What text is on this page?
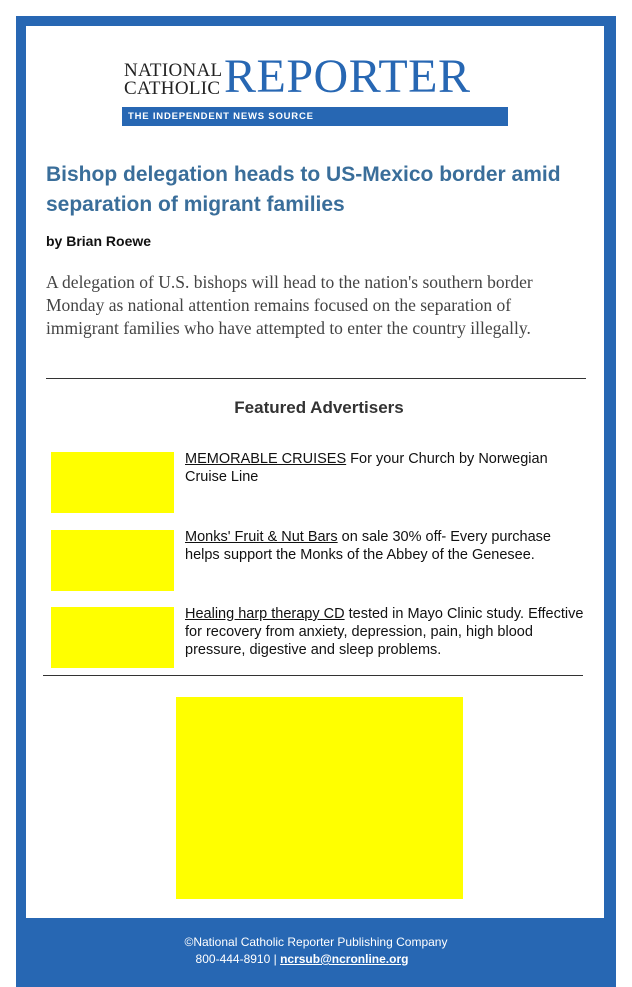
NATIONAL
CATHOLIC REPORTER
THE INDEPENDENT NEWS SOURCE
Bishop delegation heads to US-Mexico border amid separation of migrant families
by Brian Roewe

A delegation of U.S. bishops will head to the nation's southern border Monday as national attention remains focused on the separation of immigrant families who have attempted to enter the country illegally.

Featured Advertisers
MEMORABLE CRUISES For your Church by Norwegian Cruise Line
Monks' Fruit & Nut Bars on sale 30% off- Every purchase helps support the Monks of the Abbey of the Genesee.
Healing harp therapy CD tested in Mayo Clinic study. Effective for recovery from anxiety, depression, pain, high blood pressure, digestive and sleep problems.
©National Catholic Reporter Publishing Company
800-444-8910 | ncrsub@ncronline.org
